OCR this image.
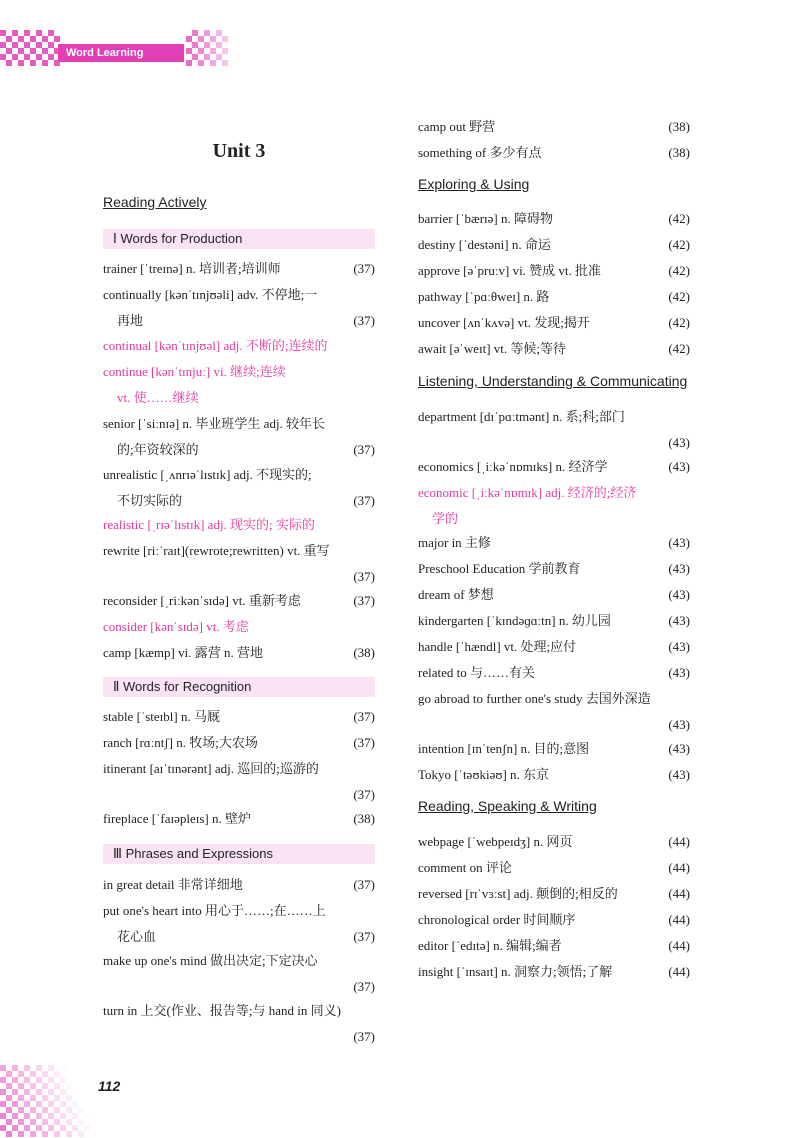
Word Learning Booster
Unit 3
Reading Actively
Ⅰ Words for Production
trainer [ˈtreɪnə] n. 培训者;培训师	(37)
continually [kənˈtɪnjʊəli] adv. 不停地;一
再地	(37)
continual [kənˈtɪnjʊəl] adj. 不断的;连续的
continue [kənˈtɪnjuː] vi. 继续;连续
vt. 使……继续
senior [ˈsiːnɪə] n. 毕业班学生 adj. 较年长
的;年资较深的	(37)
unrealistic [ˌʌnrɪəˈlɪstɪk] adj. 不现实的;
不切实际的	(37)
realistic [ˌrɪəˈlɪstɪk] adj. 现实的; 实际的
rewrite [riːˈraɪt](rewrote;rewritten) vt. 重写

(37)
reconsider [ˌriːkənˈsɪdə] vt. 重新考虑	(37)
consider [kənˈsɪdə] vt. 考虑
camp [kæmp] vi. 露营 n. 营地	(38)
stable [ˈsteɪbl] n. 马厩	(37)
ranch [rɑːntʃ] n. 牧场;大农场	(37)
itinerant [aɪˈtɪnərənt] adj. 巡回的;巡游的

(37)
fireplace [ˈfaɪəpleɪs] n. 壁炉	(38)
in great detail 非常详细地	(37)
put one's heart into 用心于……;在……上
花心血	(37)
make up one's mind 做出决定;下定决心

(37)
turn in 上交(作业、报告等;与 hand in 同义)

(37)
Ⅱ Words for Recognition
Ⅲ Phrases and Expressions
Exploring & Using
Listening, Understanding & Communicating
Reading, Speaking & Writing
camp out 野营	(38)
something of 多少有点	(38)
barrier [ˈbærɪə] n. 障碍物	(42)
destiny [ˈdestəni] n. 命运	(42)
approve [əˈpruːv] vi. 赞成 vt. 批准	(42)
pathway [ˈpɑːθweɪ] n. 路	(42)
uncover [ʌnˈkʌvə] vt. 发现;揭开	(42)
await [əˈweɪt] vt. 等候;等待	(42)
department [dɪˈpɑːtmənt] n. 系;科;部门

(43)
economics [ˌiːkəˈnɒmɪks] n. 经济学	(43)
economic [ˌiːkəˈnɒmɪk] adj. 经济的;经济
学的
major in 主修	(43)
Preschool Education 学前教育	(43)
dream of 梦想	(43)
kindergarten [ˈkɪndəɡɑːtn] n. 幼儿园	(43)
handle [ˈhændl] vt. 处理;应付	(43)
related to 与……有关	(43)
go abroad to further one's study 去国外深造

(43)
intention [ɪnˈtenʃn] n. 目的;意图	(43)
Tokyo [ˈtəʊkiəʊ] n. 东京	(43)
webpage [ˈwebpeɪdʒ] n. 网页	(44)
comment on 评论	(44)
reversed [rɪˈvɜːst] adj. 颠倒的;相反的	(44)
chronological order 时间顺序	(44)
editor [ˈedɪtə] n. 编辑;编者	(44)
insight [ˈɪnsaɪt] n. 洞察力;领悟;了解	(44)
112
